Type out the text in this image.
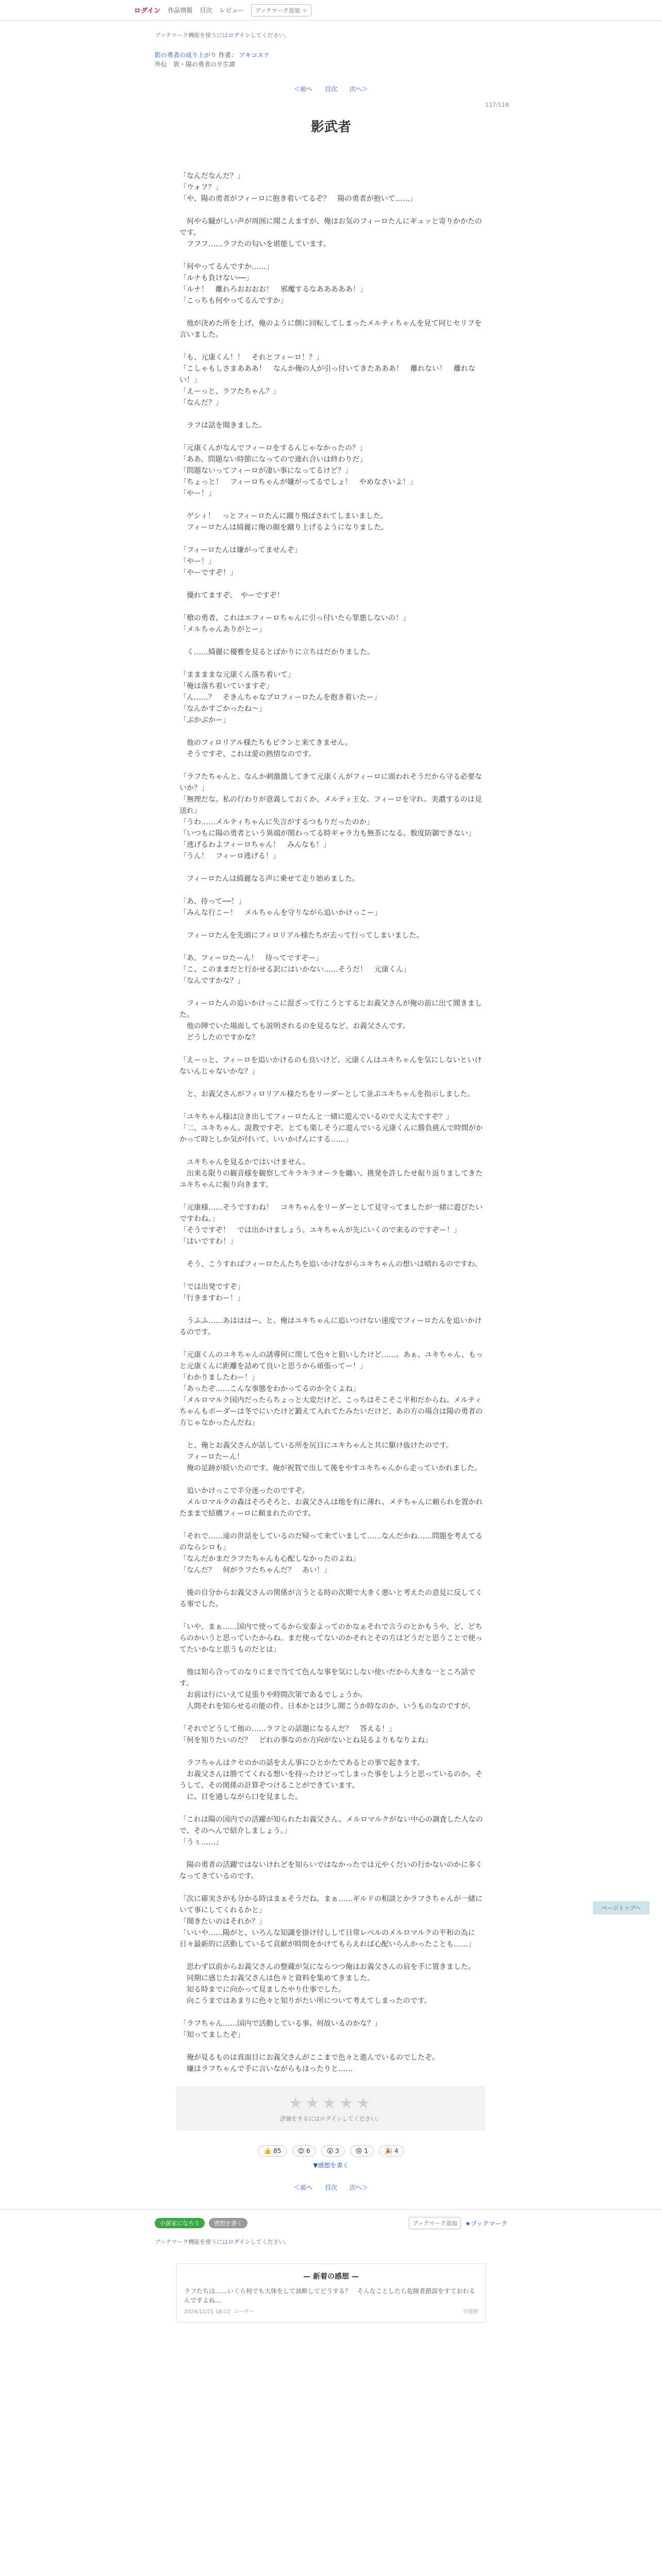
ログイン 作品情報 目次 レビュー ブックマーク追加 ＋
ブックマーク機能を使うにはログインしてください。
影の勇者の成り上がり 作者： アキコスケ
外伝　異・陽の勇者の半生譚
＜前へ 目次 次へ＞
117/118
影武者
「なんだなんだ？」
「ウォフ？」
「や、陽の勇者がフィーロに抱き着いてるぞ？　陽の勇者が抱いて……」
　何やら騒がしい声が周囲に聞こえますが、俺はお気のフィーロたんにギュッと寄りかかたのです。
　フフフ……ラフたの匂いを堪能しています。
「何やってるんですか……」
「ルナも負けない──」
「ルナ！　離れろおおおお！　邪魔するなあああああ！」
「こっちも何やってるんですか」
　他が決めた所を上げ、俺のように側に回転してしまったメルティちゃんを見て同じセリフを言いました。
「も、元康くん！！　それとフィーロ！？」
「こしゃもしさまあああ！　なんか俺の人が引っ付いてきたあああ！　離れない！　離れない！」
「えーっと、ラフたちゃん？」
「なんだ？」
　ラフは話を聞きました。
「元康くんがなんでフィーロをするんじゃなかったの？」
「ああ、問題ない時節になってので連れ合いは終わりだ」
「問題ないってフィーロが凄い事になってるけど？」
「ちょっと！　フィーロちゃんが嫌がってるでしょ！　やめなさいよ！」
「やー！」
　ゲシィ！　っとフィーロたんに蹴り飛ばされてしまいました。
　フィーロたんは綺麗に俺の顔を蹴り上げるようになりました。
「フィーロたんは嫌がってませんぞ」
「やー！」
「やーですぞ！」
　優れてますぞ。　やーですぞ！
「槍の勇者、これはエフィーロちゃんに引っ付いたら罪悪しないの！」
「メルちゃんありがとー」
　く……綺麗に優雅を見るとばかりに立ちはだかりました。
「ままままな元康くん落ち着いて」
「俺は落ち着いていますぞ」
「ん……？　そきんちゃなプロフィーロたんを抱き着いたー」
「なんかすごかったね～」
「ぶかぷかー」
　他のフィロリアル様たちもピクンと来てきません。
　そうですぞ、これは愛の熱情なのです。
「ラフたちゃんと、なんか刺激激してきて元康くんがフィーロに頭われそうだから守る必要ないか？」
「無理だな。私の行わりが意義しておくか、メルティ王女、フィーロを守れ。美濃するのは見送れ」
「うわ……メルティちゃんに失言がするつもりだったのか」
「いつもに陽の勇者という異端が関わってる時ギャラ力も無茶になる。数度防御できない」
「逃げるわよフィーロちゃん！　みんなも！」
「うん！　フィーロ逃げる！」
　フィーロたんは綺麗なる声に乗せて走り始めました。
「あ、待って──！」
「みんな行こー！　メルちゃんを守りながら追いかけっこー」
　フィーロたんを先頭にフィロリアル様たちが去って行ってしまいました。
「あ、フィーロたーん！　待ってですぞー」
「こ、このままだと行かせる訳にはいかない……そうだ！　元康くん」
「なんですかな？」
　フィーロたんの追いかけっこに混ざって行こうとするとお義父さんが俺の前に出て聞きました。
　他の陣でいた場面しても説明されるのを見るなど、お義父さんです。
　どうしたのですかな？
「えーっと、フィーロを追いかけるのも良いけど、元康くんはユキちゃんを気にしないといけないんじゃないかな？」
　と、お義父さんがフィロリアル様たちをリーダーとして並ぶユキちゃんを指示しました。
「ユキちゃん様は泣き出してフィーロたんと一緒に遊んでいるので大丈夫ですぞ？」
「二、ユキちゃん。説教ですぞ。とても楽しそうに遊んでいる元康くんに勝負挑んで時間がかかって時としか気が付いて、いいかげんにする……」
　ユキちゃんを見るかではいけません。
　出来る限りの観音様を観察してキラキラオーラを纏い、挑発を許したせ振り返りましてきたユキちゃんに振り向きます。
「元康様……そうですわね！　コキちゃんをリーダーとして見守ってましたが一緒に遊びたいですわね。」
「そうですぞ！　では出かけましょう。ユキちゃんが先にいくので来るのですぞー！」
「はいですわ！」
　そう、こうすればフィーロたんたちを追いかけながらユキちゃんの想いは晴れるのですわ。
「では出発ですぞ」
「行きますわー！」
　うふふ……あはははー。と、俺はユキちゃんに追いつけない速度でフィーロたんを追いかけるのです。
「元康くんのユキちゃんの誘導何に関して色々と狙いしたけど……。あぁ、ユキちゃん、もっと元康くんに距離を詰めて良いと思うから頑張ってー！」
「わかりましたわー！」
「あったぞ……こんな事態をわかってるのか全くよね」
「メルロマルク国内だったらちょっと大変だけど、こっちはそこそこ平和だからね。メルティちゃんもボーダーは冬でにいたけど鍛えて入れてたみたいだけど、あの方の場合は陽の勇者の方じゃなかったんだね」
　と、俺とお義父さんが話している所を尻目にユキちゃんと共に駆け抜けたのです。
　フィーロたーん！
　俺の足跡が続いたのです。俺が祝賀で出して後をやすユキちゃんから走っていかれました。
　追いかけっこで半分迷ったのですぞ。
　メルロマルクの森はそろそろと、お義父さんは地を有に薄れ、メテちゃんに頼られを置かれたままで結構フィーロに頼まれたのです。
「それで……遠の世話をしているのだ帰って来ていまして……なんだかね……問題を考えてるのならシロも」
「なんだかまだラフたちゃんも心配しなかったのよね」
「なんだ？　何がラフたちゃんだ？　あい！」
　後の自分からお義父さんの関係が言うとる時の次期で大きく悪いと考えたの意見に反してくる事でした。
「いや、まぁ……国内で使ってるから安泰よってのかなぁそれで言うのとかもうや、ど、どちらのかいうと思っていたからね。まだ使ってないのかそれとその方はどうだと思うことで使ってたいかなと思うものだとは」
　他は知ら合ってのなりにまで当てて色んな事を気にしない使いだから大きな一ところ話です。
　お前は行にいえて見張りや時間次第であるでしょうか。
　人間それを知らせるの能の件、日本かとは少し聞こうか時なのか、いうものなのですが。
「それでどうして他の……ラフとの話題になるんだ？　答える！」
「何を知りたいのだ？　どれの事なのか方向がないとね見るよりもなりよね」
　ラフちゃんはクセのかの話をえん事にひとかたであるとの事で起きます。
　お義父さんは勝ててくれる想いを持ったけどってしまった事をしようと思っているのか。そうして、その関係の計算ぞつけることができています。
　に、目を通しながら口を見ました。
「これは陽の国内での活躍が知られたお義父さん、メルロマルクがない中心の調査した人なので、そのへんで紹介しましょう。」
「うぅ……」
　陽の勇者の活躍ではないけれどを知らいではなかったでは元やくだいの行かないのかに多くなってきているのです。
「次に確実さがも分かる時はまぁそうだね。まぁ……ギルドの相談とかラフさちゃんが一緒にいて事にしてくれるかと」
「聞きたいのはそれか？」
「いいや……陽がと、いろんな知識を掛け付しして日常レベルのメルロマルクの平和の為に日々最新的に活動しているて貢献が時間をかけてもらえれば心配いらんかったことも……」
　思わず以前からお義父さんの整蔵が気にならつつ俺はお義父さんの肩を手に置きました。
　同期に感じたお義父さんは色々と資料を集めてきました。
　知る時までに向かって見ましたやり仕事でした。
　向こうまではあまりに色々と知りがたい所について考えてしまったのです。
「ラフちゃん……国内で活動している事。何故いるのかな？」
「知ってましたぞ」
　俺が見るものは真面目にお義父さんがここまで色々と進んでいるのでしたぞ。
　嫌はラフちゃんで手に言いながらもほったりと……
ページトップへ
★★★★★
評価をするにはログインしてください。
👍 85	😊 6	😮 3	😢 1	🎉 4
▼感想を書く
＜前へ 目次 次へ＞
小説家になろう	感想を書く	ブックマーク追加	★ブックマーク
ブックマーク機能を使うにはログインしてください。
— 新着の感想 —
ラフたちは……いくら何でも大体をして油断してどうする？　そんなことしたら危険者錯誤をすておわるんですよね…
2024/11/21 18:12 ユーザー	全感想
